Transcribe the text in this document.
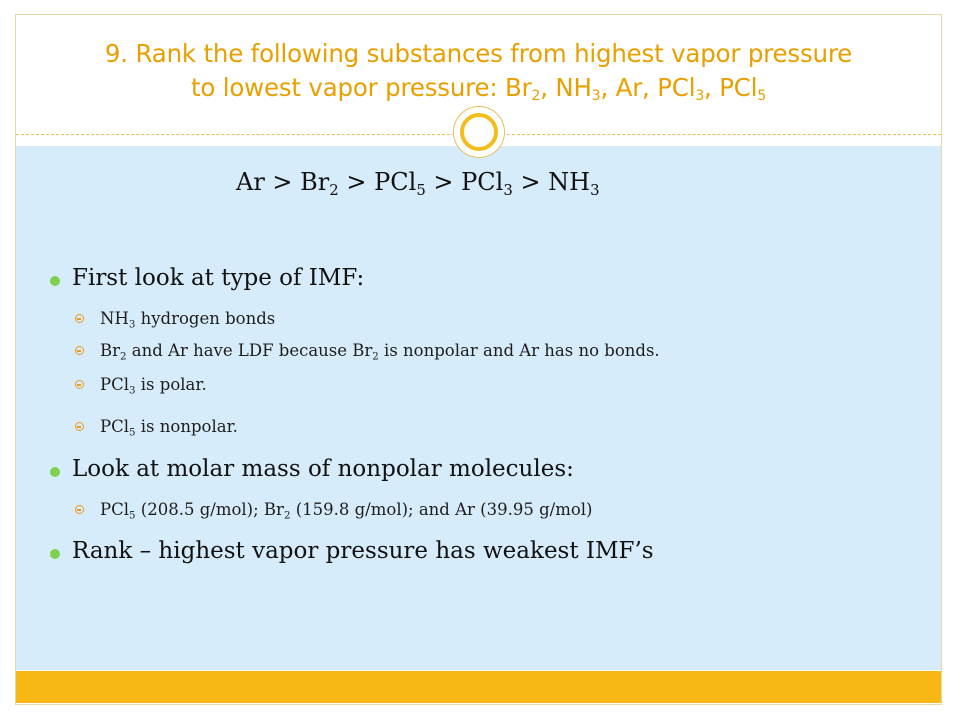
9. Rank the following substances from highest vapor pressure
to lowest vapor pressure: $Br_2$, $NH_3$, Ar, PCl$_3$, PCl$_5$
$Ar > Br_2 > PCl_5 > PCl_3 > NH_3$
First look at type of IMF:
$NH_3$ hydrogen bonds
$Br_2$ and Ar have LDF because $Br_2$ is nonpolar and Ar has no bonds.
PCl$_3$ is polar.
PCl$_5$ is nonpolar.
Look at molar mass of nonpolar molecules:
PCl$_5$ (208.5 g/mol); $Br_2$ (159.8 g/mol); and Ar (39.95 g/mol)
Rank – highest vapor pressure has weakest IMF’s
